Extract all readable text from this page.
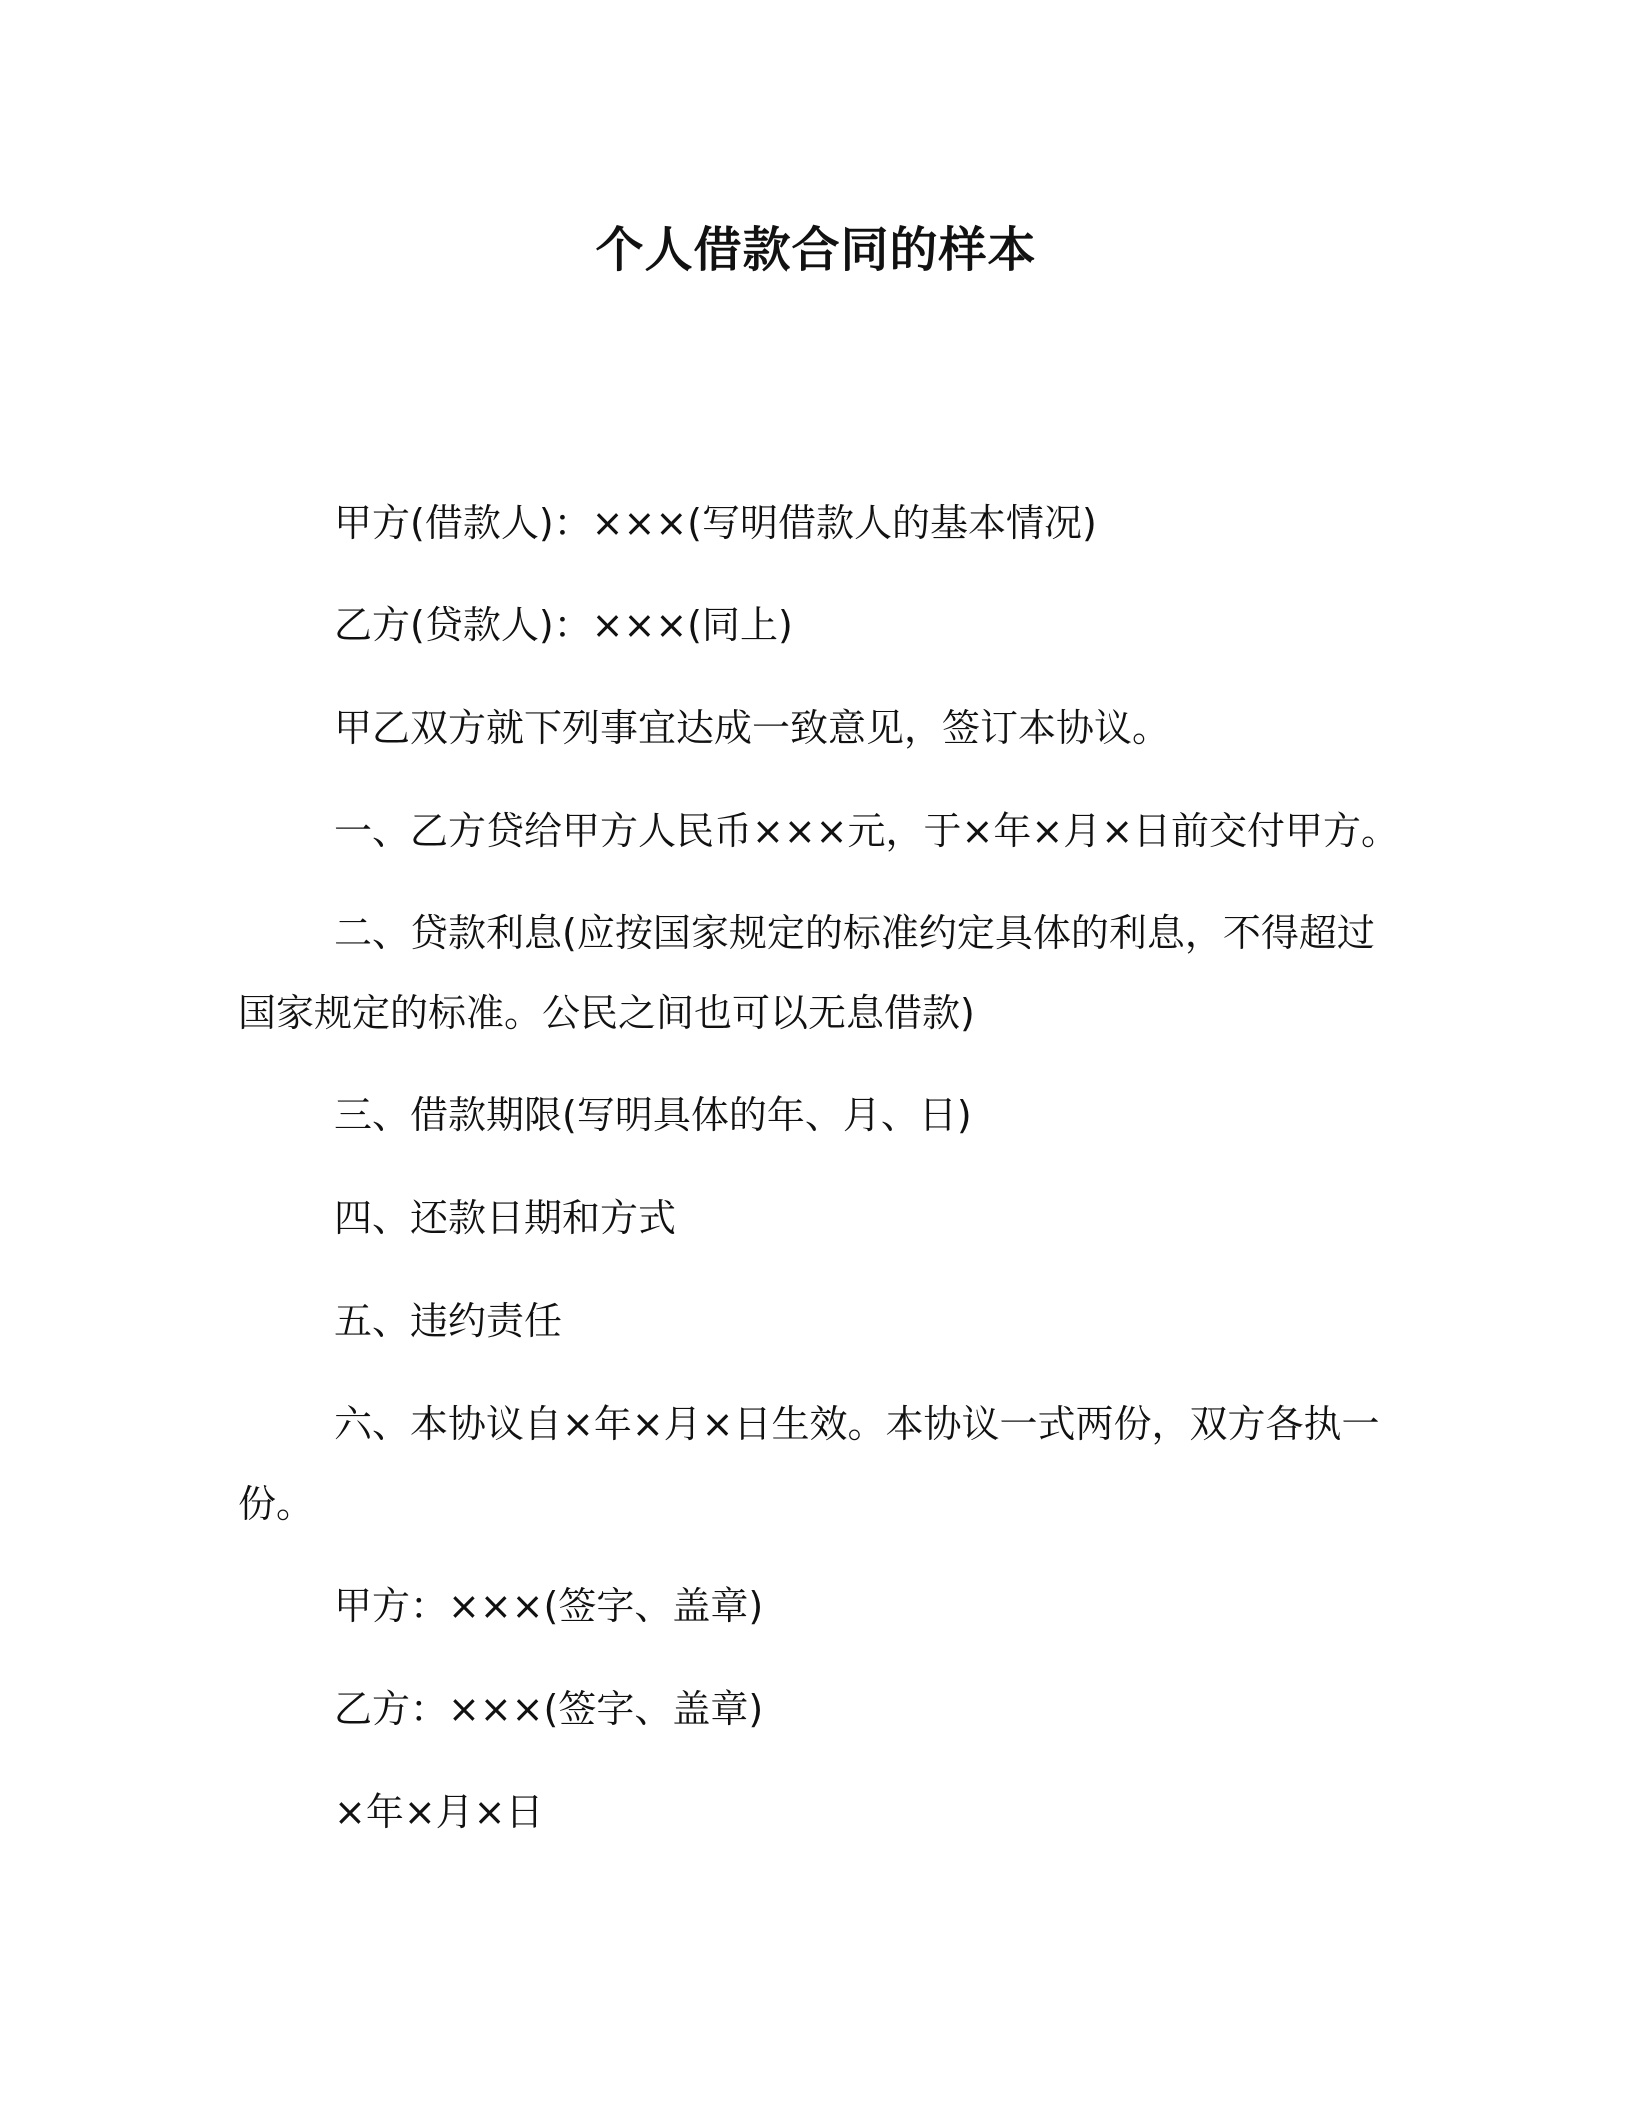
个人借款合同的样本
甲方(借款人)：×××(写明借款人的基本情况)
乙方(贷款人)：×××(同上)
甲乙双方就下列事宜达成一致意见，签订本协议。
一、乙方贷给甲方人民币×××元，于×年×月×日前交付甲方。
二、贷款利息(应按国家规定的标准约定具体的利息，不得超过国家规定的标准。公民之间也可以无息借款)
三、借款期限(写明具体的年、月、日)
四、还款日期和方式
五、违约责任
六、本协议自×年×月×日生效。本协议一式两份，双方各执一份。
甲方：×××(签字、盖章)
乙方：×××(签字、盖章)
×年×月×日
